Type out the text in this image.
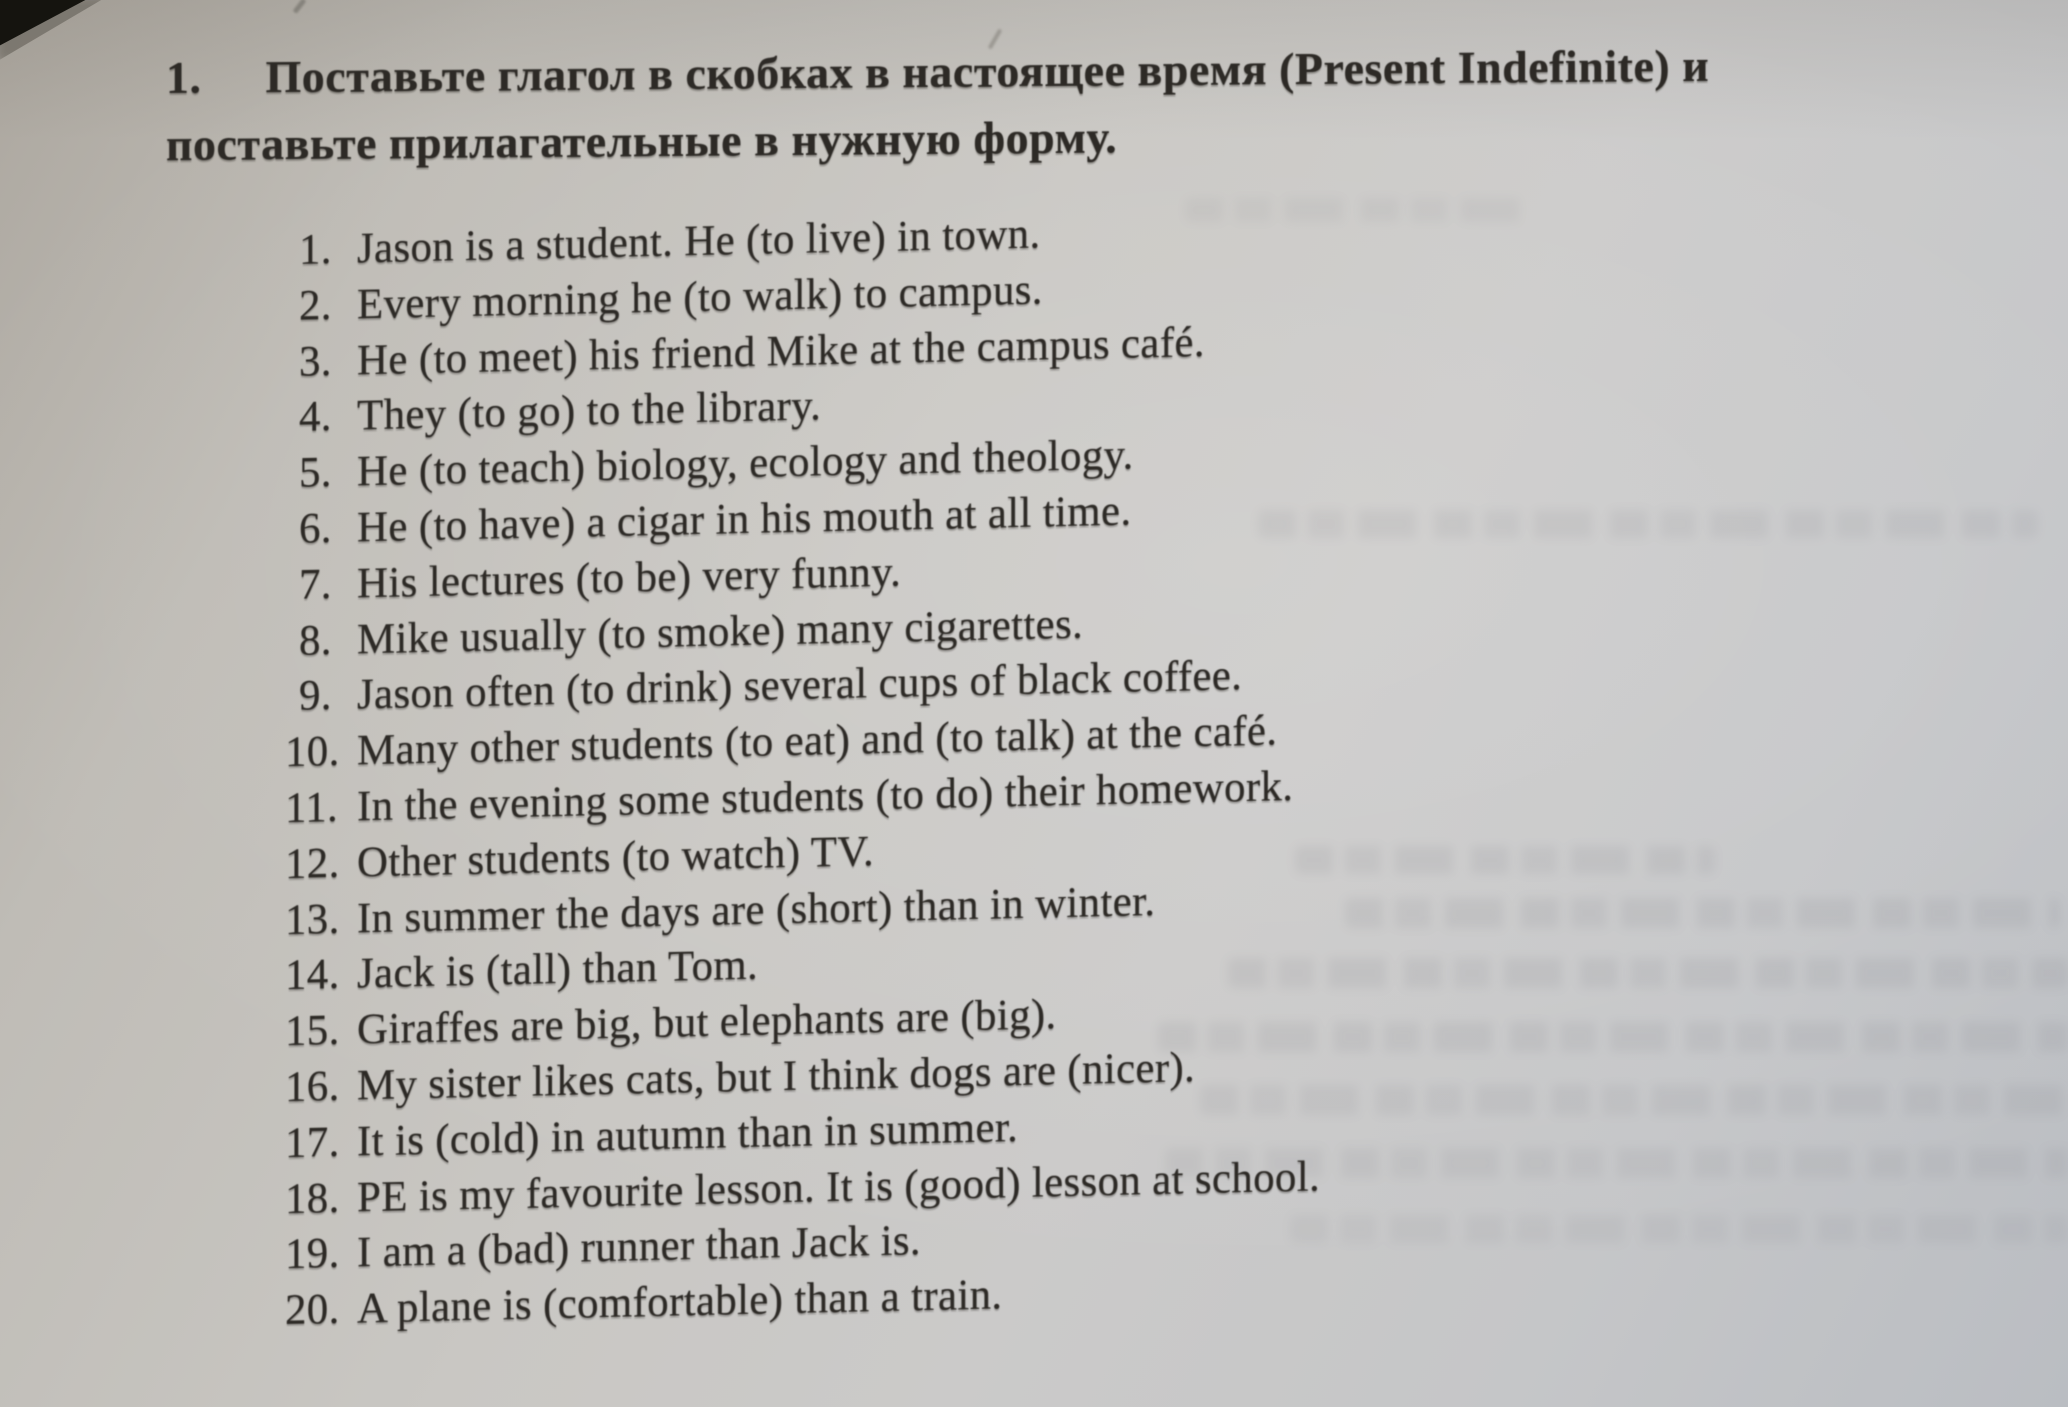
1. Поставьте глагол в скобках в настоящее время (Present Indefinite) и
поставьте прилагательные в нужную форму.
1. Jason is a student. He (to live) in town.
2. Every morning he (to walk) to campus.
3. He (to meet) his friend Mike at the campus café.
4. They (to go) to the library.
5. He (to teach) biology, ecology and theology.
6. He (to have) a cigar in his mouth at all time.
7. His lectures (to be) very funny.
8. Mike usually (to smoke) many cigarettes.
9. Jason often (to drink) several cups of black coffee.
10. Many other students (to eat) and (to talk) at the café.
11. In the evening some students (to do) their homework.
12. Other students (to watch) TV.
13. In summer the days are (short) than in winter.
14. Jack is (tall) than Tom.
15. Giraffes are big, but elephants are (big).
16. My sister likes cats, but I think dogs are (nicer).
17. It is (cold) in autumn than in summer.
18. PE is my favourite lesson. It is (good) lesson at school.
19. I am a (bad) runner than Jack is.
20. A plane is (comfortable) than a train.
